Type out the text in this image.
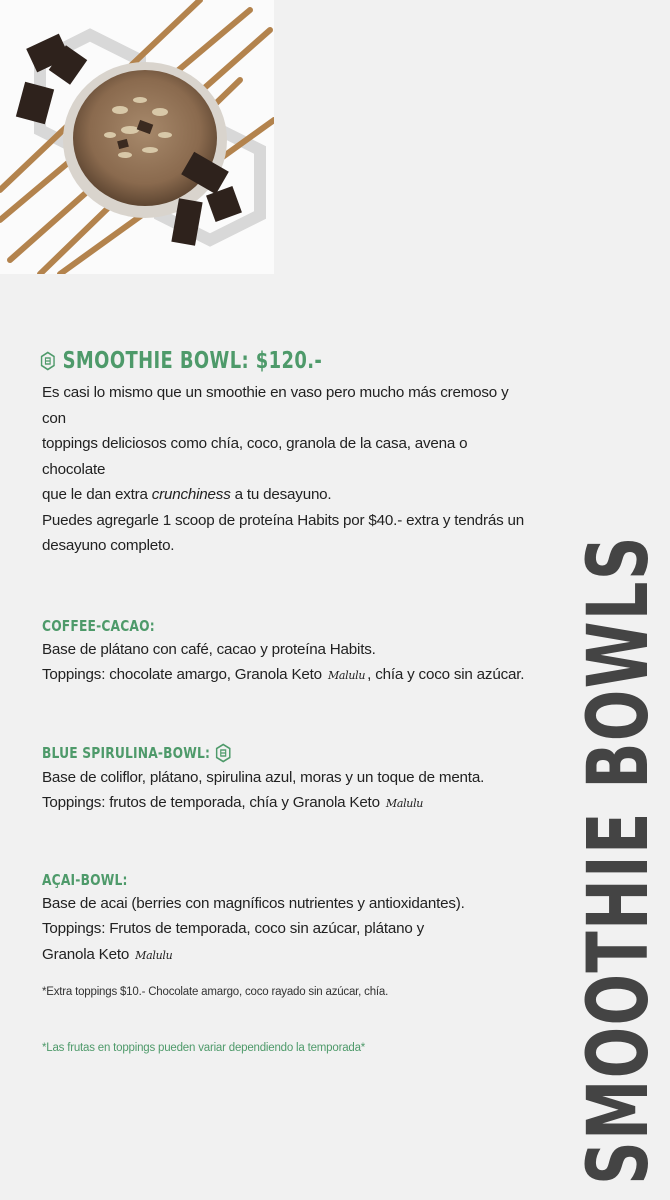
SMOOTHIE BOWLS
SMOOTHIE BOWL: $120.-
Es casi lo mismo que un smoothie en vaso pero mucho más cremoso y con
toppings deliciosos como chía, coco, granola de la casa, avena o chocolate
que le dan extra crunchiness a tu desayuno.
Puedes agregarle 1 scoop de proteína Habits por $40.- extra y tendrás un
desayuno completo.
COFFEE-CACAO:
Base de plátano con café, cacao y proteína Habits.
Toppings: chocolate amargo, Granola Keto Malulu , chía y coco sin azúcar.
BLUE SPIRULINA-BOWL:
Base de coliflor, plátano, spirulina azul, moras y un toque de menta.
Toppings: frutos de temporada, chía y Granola Keto Malulu
AÇAI-BOWL:
Base de acai (berries con magníficos nutrientes y antioxidantes).
Toppings: Frutos de temporada, coco sin azúcar, plátano y
Granola Keto Malulu
*Extra toppings $10.- Chocolate amargo, coco rayado sin azúcar, chía.
*Las frutas en toppings pueden variar dependiendo la temporada*
